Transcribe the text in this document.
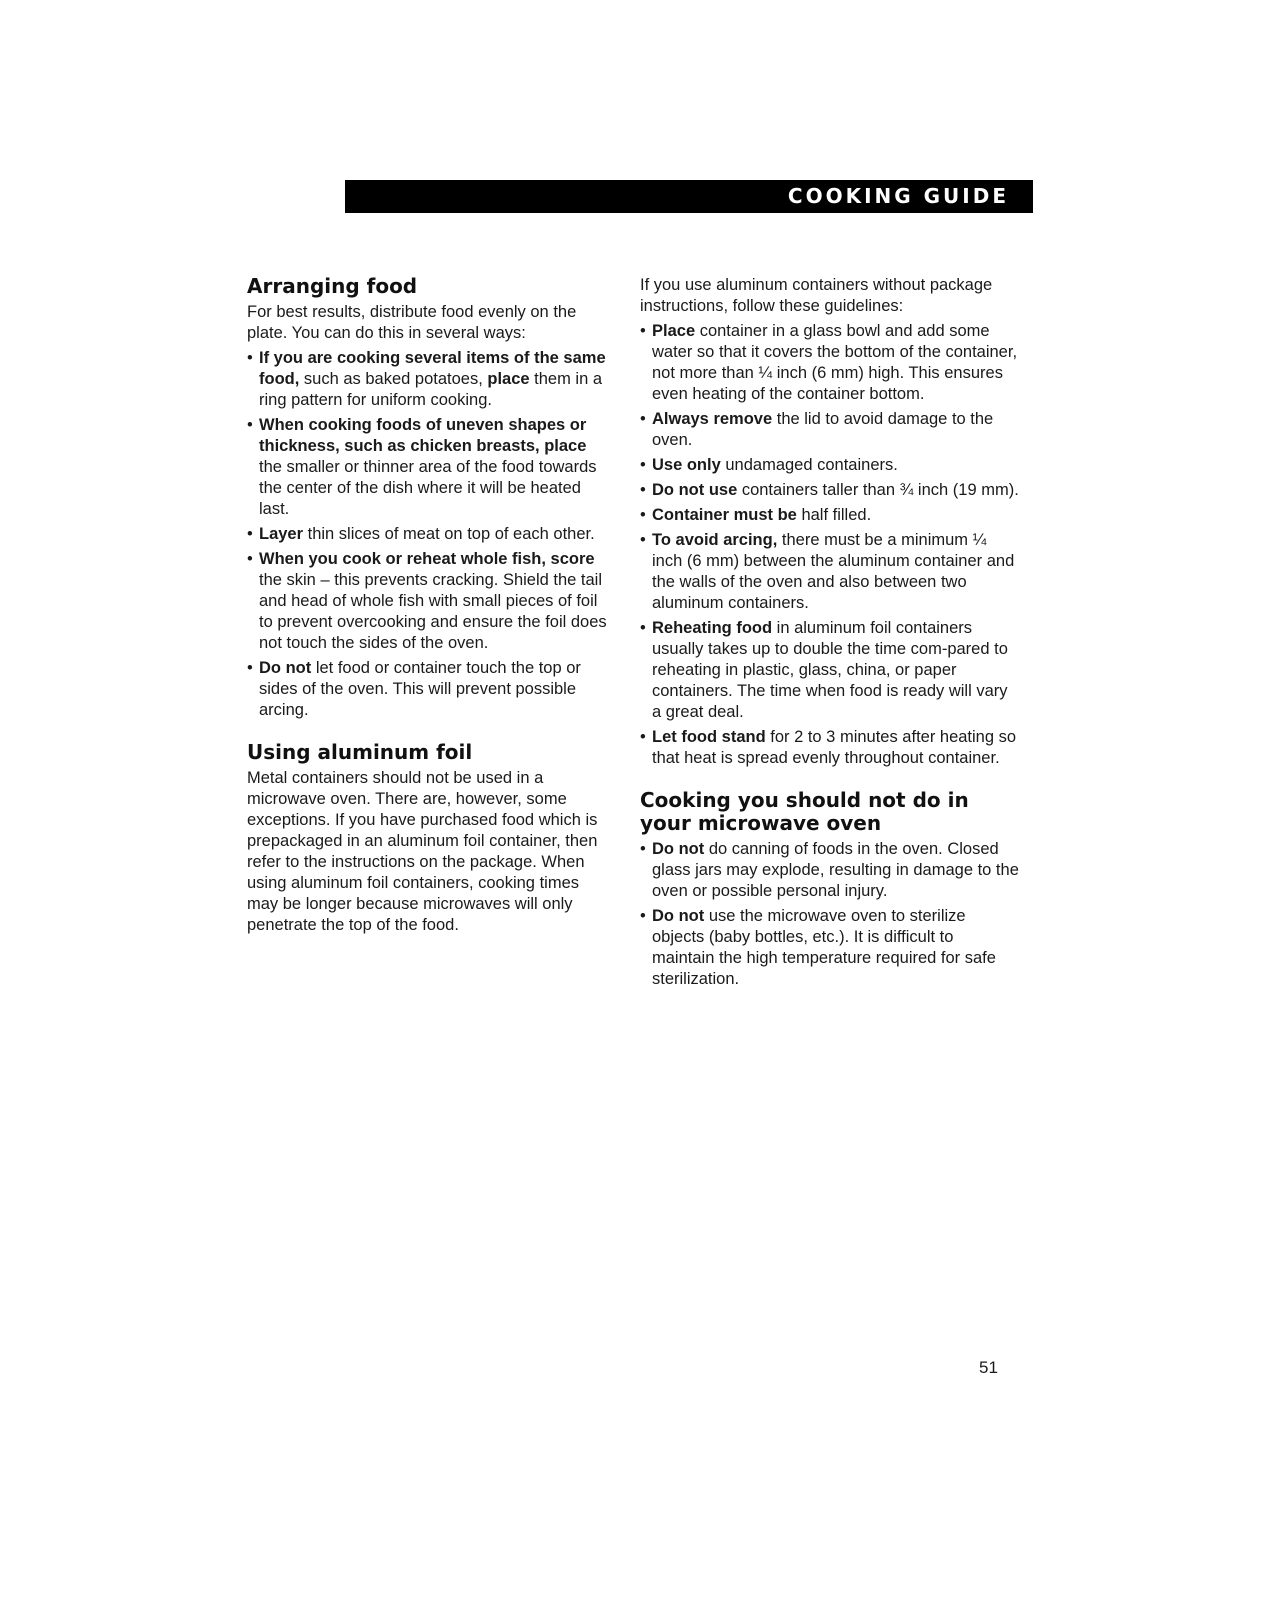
COOKING GUIDE
Arranging food

For best results, distribute food evenly on the plate. You can do this in several ways:

• If you are cooking several items of the same food, such as baked potatoes, place them in a ring pattern for uniform cooking.
• When cooking foods of uneven shapes or thickness, such as chicken breasts, place the smaller or thinner area of the food towards the center of the dish where it will be heated last.
• Layer thin slices of meat on top of each other.
• When you cook or reheat whole fish, score the skin – this prevents cracking. Shield the tail and head of whole fish with small pieces of foil to prevent overcooking and ensure the foil does not touch the sides of the oven.
• Do not let food or container touch the top or sides of the oven. This will prevent possible arcing.
Using aluminum foil

Metal containers should not be used in a microwave oven. There are, however, some exceptions. If you have purchased food which is prepackaged in an aluminum foil container, then refer to the instructions on the package. When using aluminum foil containers, cooking times may be longer because microwaves will only penetrate the top of the food.

If you use aluminum containers without package instructions, follow these guidelines:

• Place container in a glass bowl and add some water so that it covers the bottom of the container, not more than ¼ inch (6 mm) high. This ensures even heating of the container bottom.
• Always remove the lid to avoid damage to the oven.
• Use only undamaged containers.
• Do not use containers taller than ¾ inch (19 mm).
• Container must be half filled.
• To avoid arcing, there must be a minimum ¼ inch (6 mm) between the aluminum container and the walls of the oven and also between two aluminum containers.
• Reheating food in aluminum foil containers usually takes up to double the time com-pared to reheating in plastic, glass, china, or paper containers. The time when food is ready will vary a great deal.
• Let food stand for 2 to 3 minutes after heating so that heat is spread evenly throughout container.
Cooking you should not do in your microwave oven
• Do not do canning of foods in the oven. Closed glass jars may explode, resulting in damage to the oven or possible personal injury.
• Do not use the microwave oven to sterilize objects (baby bottles, etc.). It is difficult to maintain the high temperature required for safe sterilization.
51
